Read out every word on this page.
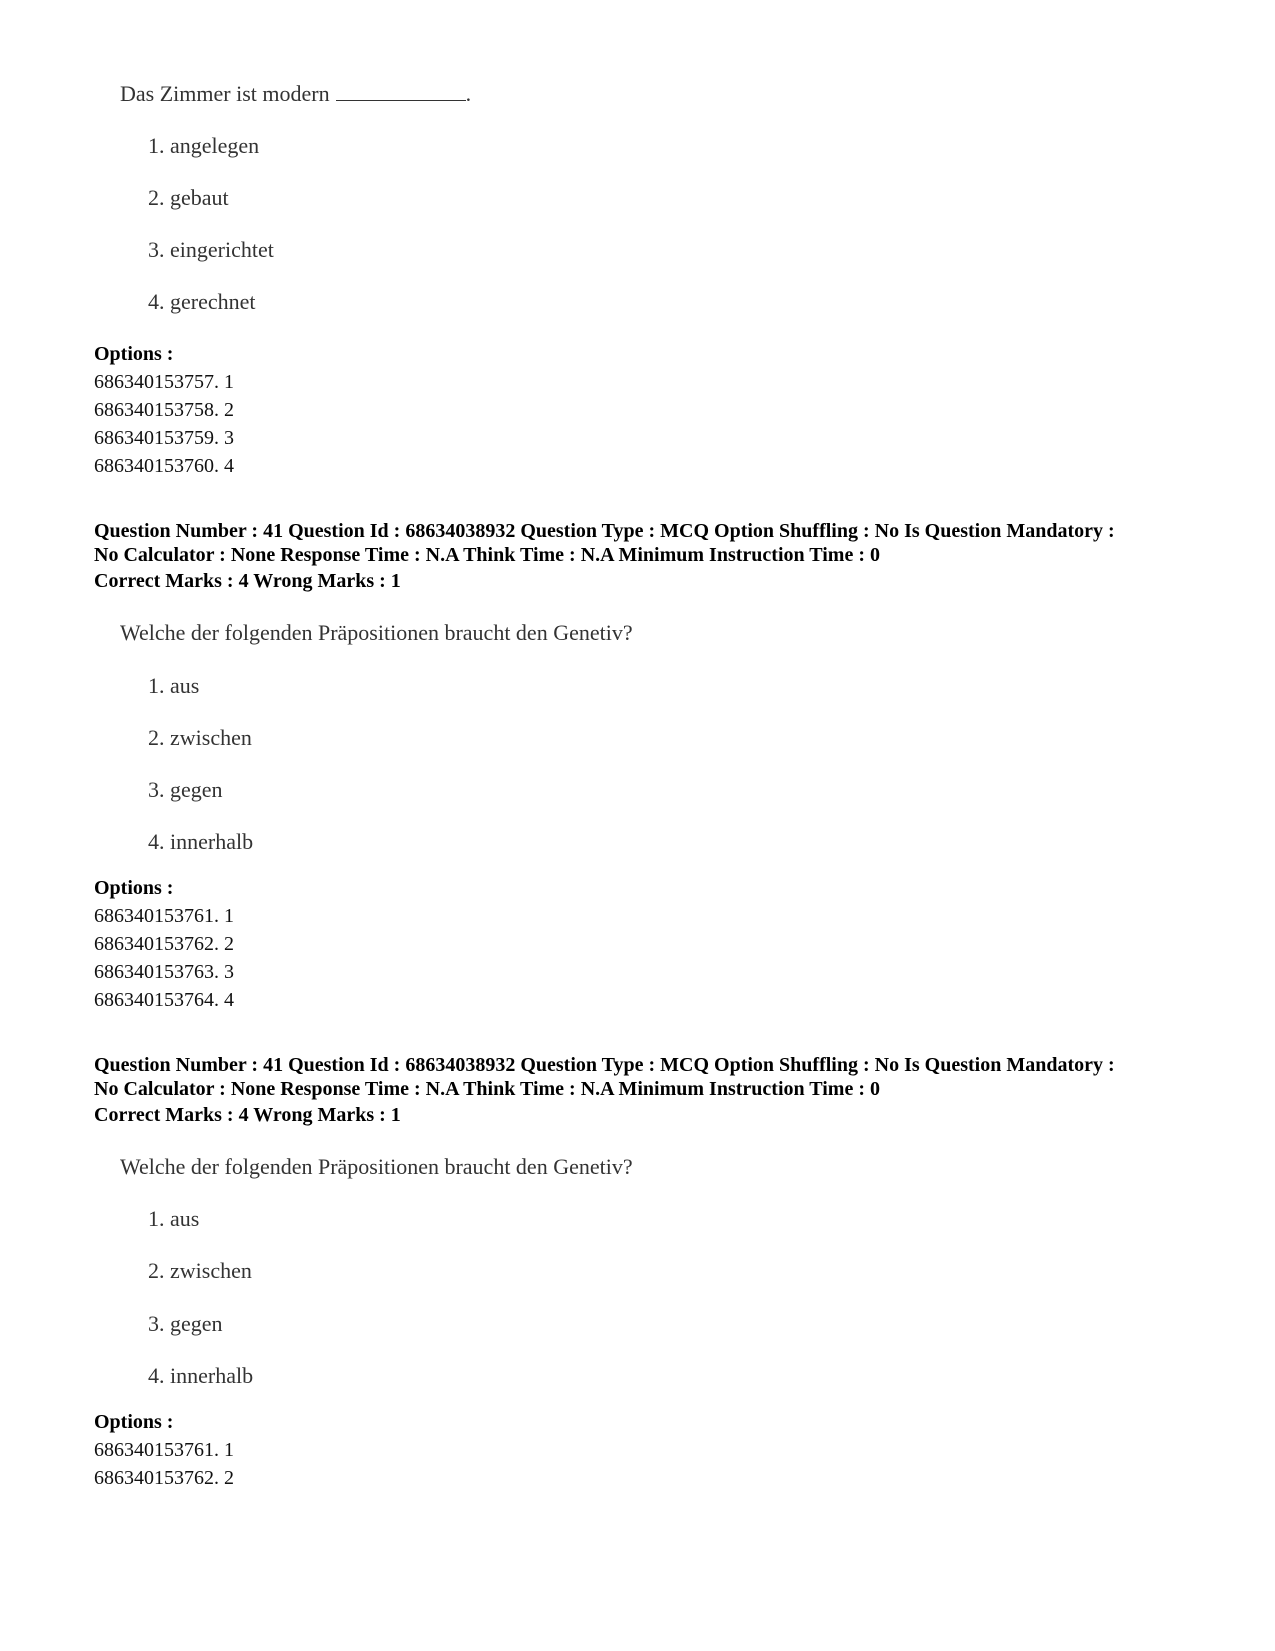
Das Zimmer ist modern	.
1. angelegen
2. gebaut
3. eingerichtet
4. gerechnet
Options :
686340153757. 1
686340153758. 2
686340153759. 3
686340153760. 4
Question Number : 41 Question Id : 68634038932 Question Type : MCQ Option Shuffling : No Is Question Mandatory :
No Calculator : None Response Time : N.A Think Time : N.A Minimum Instruction Time : 0
Correct Marks : 4 Wrong Marks : 1
Welche der folgenden Präpositionen braucht den Genetiv?
1. aus
2. zwischen
3. gegen
4. innerhalb
Options :
686340153761. 1
686340153762. 2
686340153763. 3
686340153764. 4
Question Number : 41 Question Id : 68634038932 Question Type : MCQ Option Shuffling : No Is Question Mandatory :
No Calculator : None Response Time : N.A Think Time : N.A Minimum Instruction Time : 0
Correct Marks : 4 Wrong Marks : 1
Welche der folgenden Präpositionen braucht den Genetiv?
1. aus
2. zwischen
3. gegen
4. innerhalb
Options :
686340153761. 1
686340153762. 2
